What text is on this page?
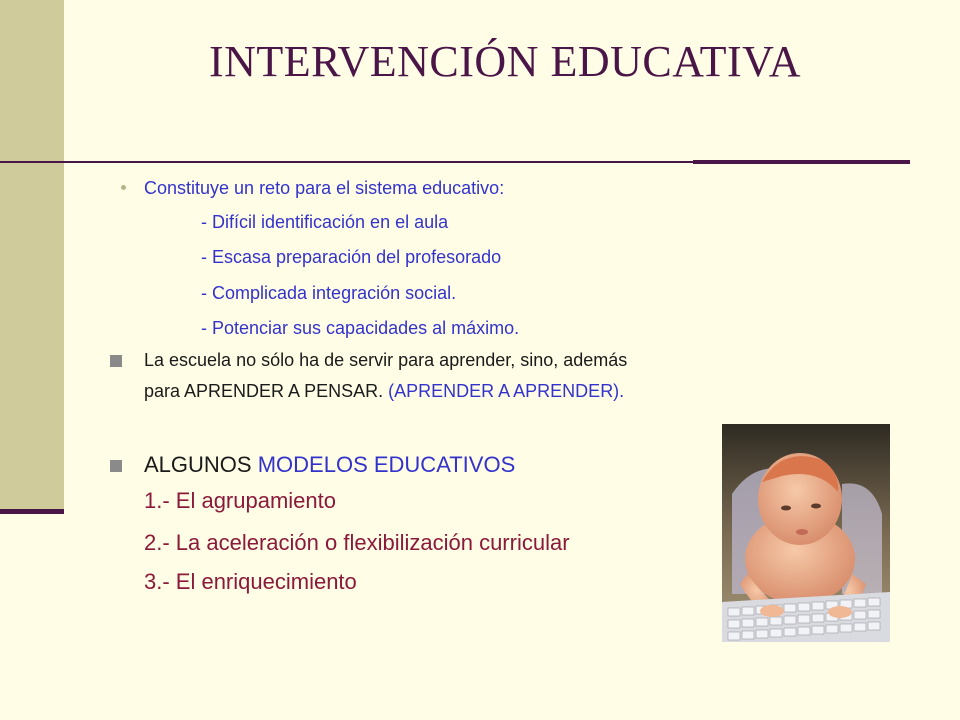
INTERVENCIÓN EDUCATIVA
Constituye un reto para el sistema educativo:
- Difícil identificación en el aula
- Escasa preparación del profesorado
- Complicada integración social.
- Potenciar sus capacidades al máximo.
La escuela no sólo ha de servir para aprender, sino, además
para APRENDER A PENSAR. (APRENDER A APRENDER).
ALGUNOS MODELOS EDUCATIVOS
1.- El agrupamiento
2.- La aceleración o flexibilización curricular
3.- El enriquecimiento
